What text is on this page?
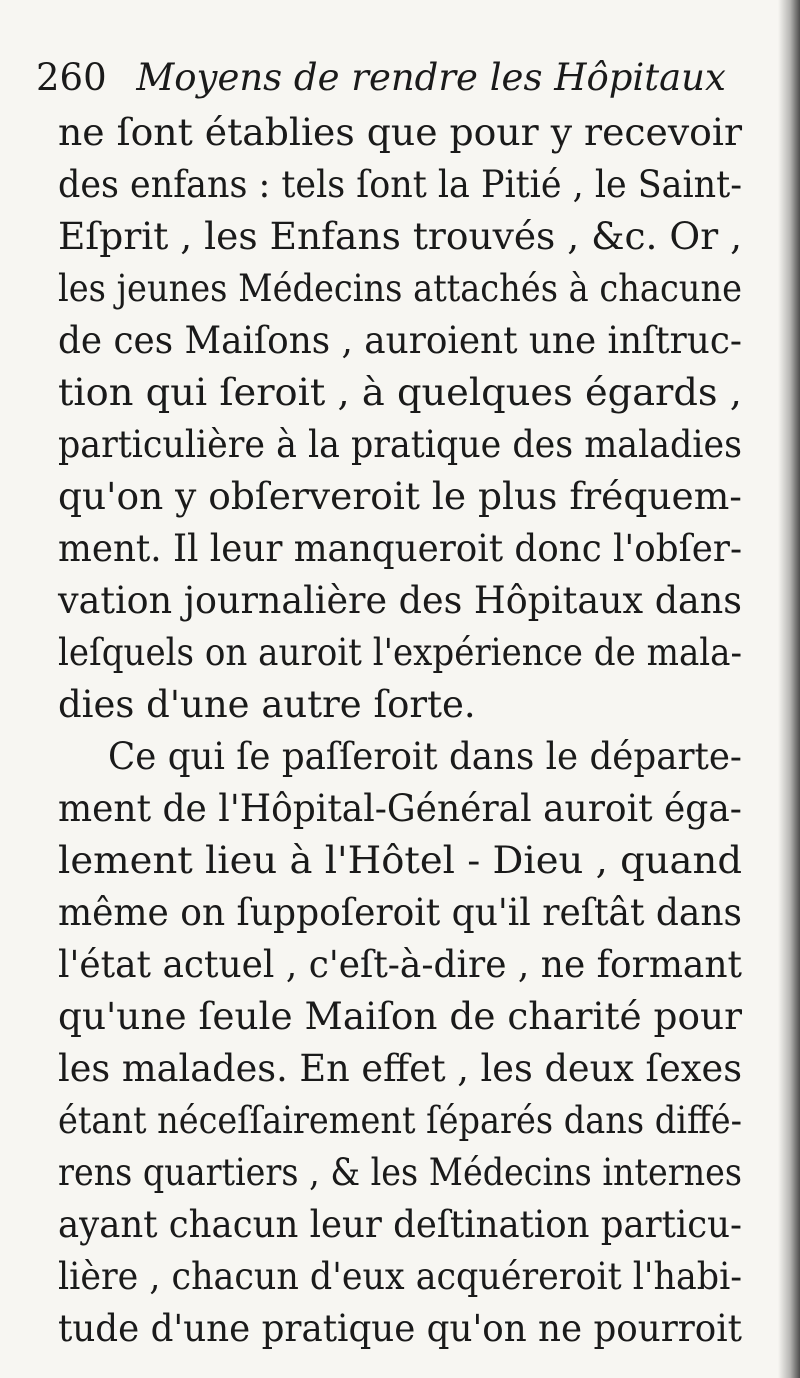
260 Moyens de rendre les Hôpitaux
ne ſont établies que pour y recevoir
des enfans : tels ſont la Pitié , le Saint-
Eſprit , les Enfans trouvés , &c. Or ,
les jeunes Médecins attachés à chacune
de ces Maiſons , auroient une inſtruc-
tion qui ſeroit , à quelques égards ,
particulière à la pratique des maladies
qu'on y obſerveroit le plus fréquem-
ment. Il leur manqueroit donc l'obſer-
vation journalière des Hôpitaux dans
leſquels on auroit l'expérience de mala-
dies d'une autre ſorte.
Ce qui ſe paſſeroit dans le départe-
ment de l'Hôpital-Général auroit éga-
lement lieu à l'Hôtel - Dieu , quand
même on ſuppoſeroit qu'il reſtât dans
l'état actuel , c'eſt-à-dire , ne formant
qu'une ſeule Maiſon de charité pour
les malades. En effet , les deux ſexes
étant néceſſairement ſéparés dans diffé-
rens quartiers , & les Médecins internes
ayant chacun leur deſtination particu-
lière , chacun d'eux acquéreroit l'habi-
tude d'une pratique qu'on ne pourroit
